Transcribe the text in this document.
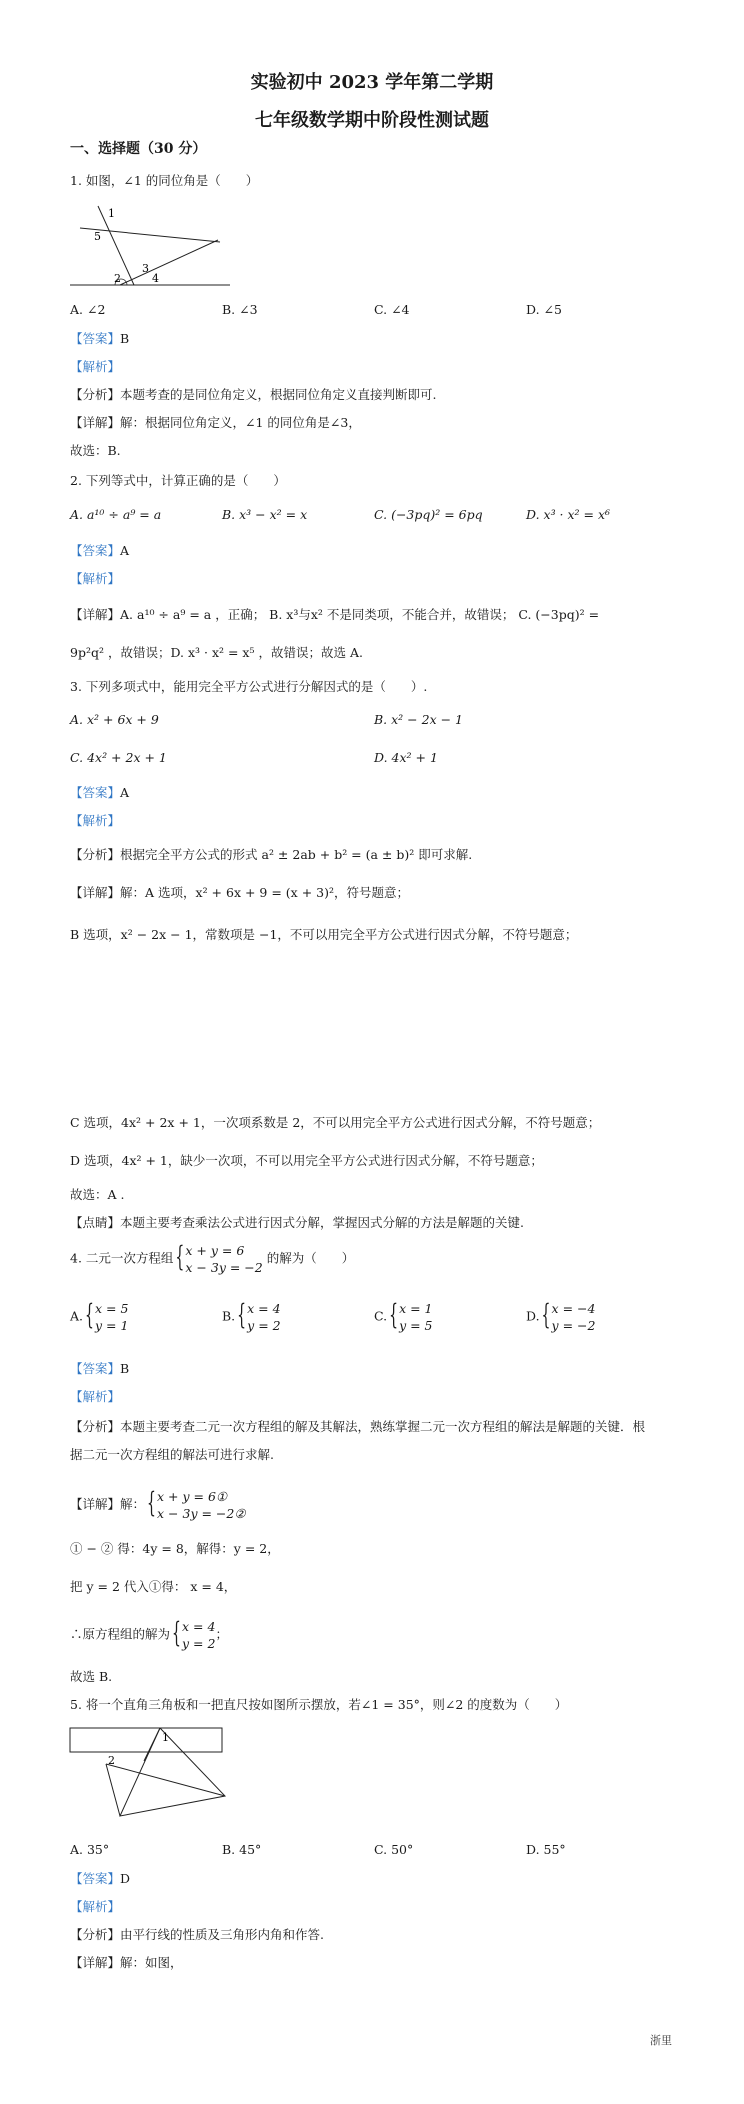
实验初中 2023 学年第二学期
七年级数学期中阶段性测试题
一、选择题（30 分）
1. 如图，∠1 的同位角是（　　）
1
5
2
3
4
A. ∠2	B. ∠3	C. ∠4	D. ∠5
【答案】B
【解析】
【分析】本题考查的是同位角定义，根据同位角定义直接判断即可.
【详解】解：根据同位角定义，∠1 的同位角是∠3，
故选：B.
2. 下列等式中，计算正确的是（　　）
A. a¹⁰ ÷ a⁹ = a	B. x³ − x² = x	C. (−3pq)² = 6pq	D. x³ · x² = x⁶
【答案】A
【解析】
【详解】A. a¹⁰ ÷ a⁹ = a ，正确； B. x³与x² 不是同类项，不能合并，故错误； C. (−3pq)² =
9p²q² ，故错误；D. x³ · x² = x⁵ ，故错误；故选 A.
3. 下列多项式中，能用完全平方公式进行分解因式的是（　　）.
A. x² + 6x + 9	B. x² − 2x − 1
C. 4x² + 2x + 1	D. 4x² + 1
【答案】A
【解析】
【分析】根据完全平方公式的形式 a² ± 2ab + b² = (a ± b)² 即可求解.
【详解】解：A 选项，x² + 6x + 9 = (x + 3)²，符号题意；
B 选项，x² − 2x − 1，常数项是 −1，不可以用完全平方公式进行因式分解，不符号题意；
C 选项，4x² + 2x + 1，一次项系数是 2，不可以用完全平方公式进行因式分解，不符号题意；
D 选项，4x² + 1，缺少一次项，不可以用完全平方公式进行因式分解，不符号题意；
故选：A .
【点睛】本题主要考查乘法公式进行因式分解，掌握因式分解的方法是解题的关键.
4. 二元一次方程组 { x + y = 6
x − 3y = −2
的解为（　　）
A. { x = 5
y = 1
B. { x = 4
y = 2
C. { x = 1
y = 5
D. { x = −4
y = −2
【答案】B
【解析】
【分析】本题主要考查二元一次方程组的解及其解法，熟练掌握二元一次方程组的解法是解题的关键．根
据二元一次方程组的解法可进行求解.
【详解】解： { x + y = 6①
x − 3y = −2②
① − ② 得：4y = 8，解得：y = 2，
把 y = 2 代入①得： x = 4，
∴原方程组的解为 { x = 4
y = 2
；
故选 B.
5. 将一个直角三角板和一把直尺按如图所示摆放，若∠1 = 35°，则∠2 的度数为（　　）
1
2
A. 35°	B. 45°	C. 50°	D. 55°
【答案】D
【解析】
【分析】由平行线的性质及三角形内角和作答.
【详解】解：如图，
浙里
